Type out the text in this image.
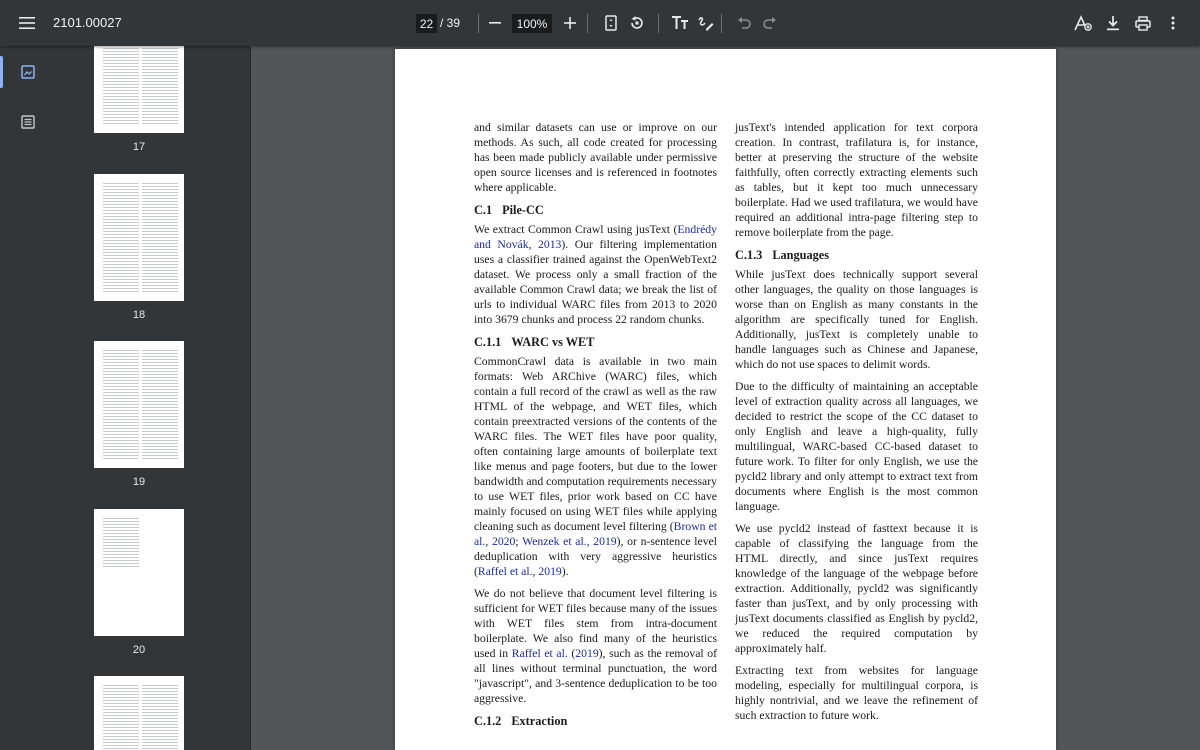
2101.00027
22	/ 39
100%
17
18
19
20

and similar datasets can use or improve on our methods. As such, all code created for processing has been made publicly available under permissive open source licenses and is referenced in footnotes where applicable.

C.1 Pile-CC

We extract Common Crawl using jusText (Endrédy and Novák, 2013). Our filtering implementation uses a classifier trained against the OpenWebText2 dataset. We process only a small fraction of the available Common Crawl data; we break the list of urls to individual WARC files from 2013 to 2020 into 3679 chunks and process 22 random chunks.

C.1.1 WARC vs WET

CommonCrawl data is available in two main formats: Web ARChive (WARC) files, which contain a full record of the crawl as well as the raw HTML of the webpage, and WET files, which contain preextracted versions of the contents of the WARC files. The WET files have poor quality, often containing large amounts of boilerplate text like menus and page footers, but due to the lower bandwidth and computation requirements necessary to use WET files, prior work based on CC have mainly focused on using WET files while applying cleaning such as document level filtering (Brown et al., 2020; Wenzek et al., 2019), or n-sentence level deduplication with very aggressive heuristics (Raffel et al., 2019).

We do not believe that document level filtering is sufficient for WET files because many of the issues with WET files stem from intra-document boilerplate. We also find many of the heuristics used in Raffel et al. (2019), such as the removal of all lines without terminal punctuation, the word "javascript", and 3-sentence deduplication to be too aggressive.

C.1.2 Extraction

jusText's intended application for text corpora creation. In contrast, trafilatura is, for instance, better at preserving the structure of the website faithfully, often correctly extracting elements such as tables, but it kept too much unnecessary boilerplate. Had we used trafilatura, we would have required an additional intra-page filtering step to remove boilerplate from the page.

C.1.3 Languages

While jusText does technically support several other languages, the quality on those languages is worse than on English as many constants in the algorithm are specifically tuned for English. Additionally, jusText is completely unable to handle languages such as Chinese and Japanese, which do not use spaces to delimit words.

Due to the difficulty of maintaining an acceptable level of extraction quality across all languages, we decided to restrict the scope of the CC dataset to only English and leave a high-quality, fully multilingual, WARC-based CC-based dataset to future work. To filter for only English, we use the pycld2 library and only attempt to extract text from documents where English is the most common language.

We use pycld2 instead of fasttext because it is capable of classifying the language from the HTML directly, and since jusText requires knowledge of the language of the webpage before extraction. Additionally, pycld2 was significantly faster than jusText, and by only processing with jusText documents classified as English by pycld2, we reduced the required computation by approximately half.

Extracting text from websites for language modeling, especially for multilingual corpora, is highly nontrivial, and we leave the refinement of such extraction to future work.
